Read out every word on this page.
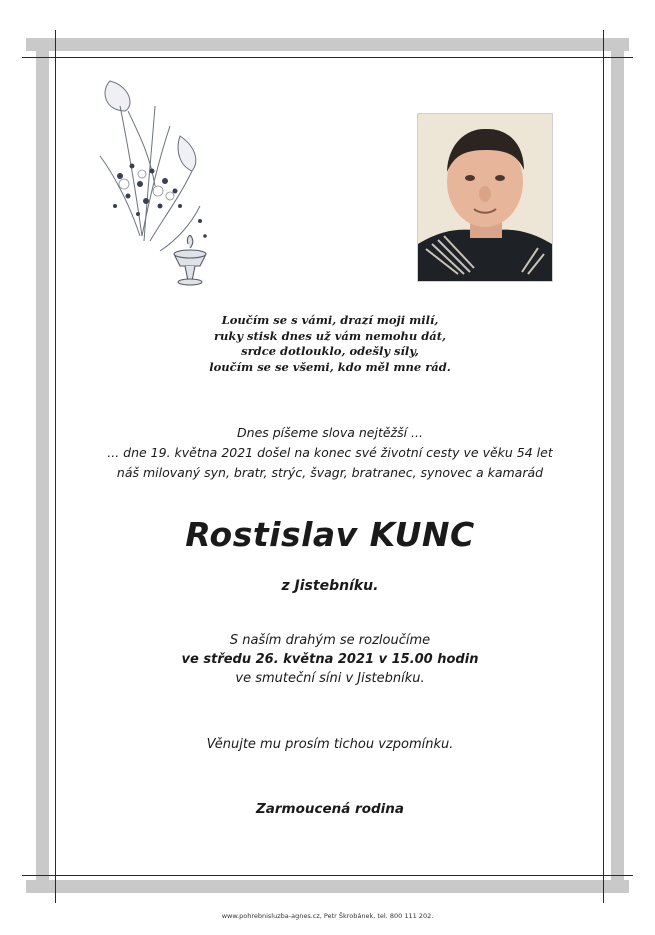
Loučím se s vámi, drazí moji milí,
ruky stisk dnes už vám nemohu dát,
srdce dotlouklo, odešly síly,
loučím se se všemi, kdo měl mne rád.
Dnes píšeme slova nejtěžší ...
... dne 19. května 2021 došel na konec své životní cesty ve věku 54 let
náš milovaný syn, bratr, strýc, švagr, bratranec, synovec a kamarád
Rostislav KUNC
z Jistebníku.
S naším drahým se rozloučíme
ve středu 26. května 2021 v 15.00 hodin
ve smuteční síni v Jistebníku.
Věnujte mu prosím tichou vzpomínku.
Zarmoucená rodina
www.pohrebnisluzba-agnes.cz, Petr Škrobánek, tel. 800 111 202.
